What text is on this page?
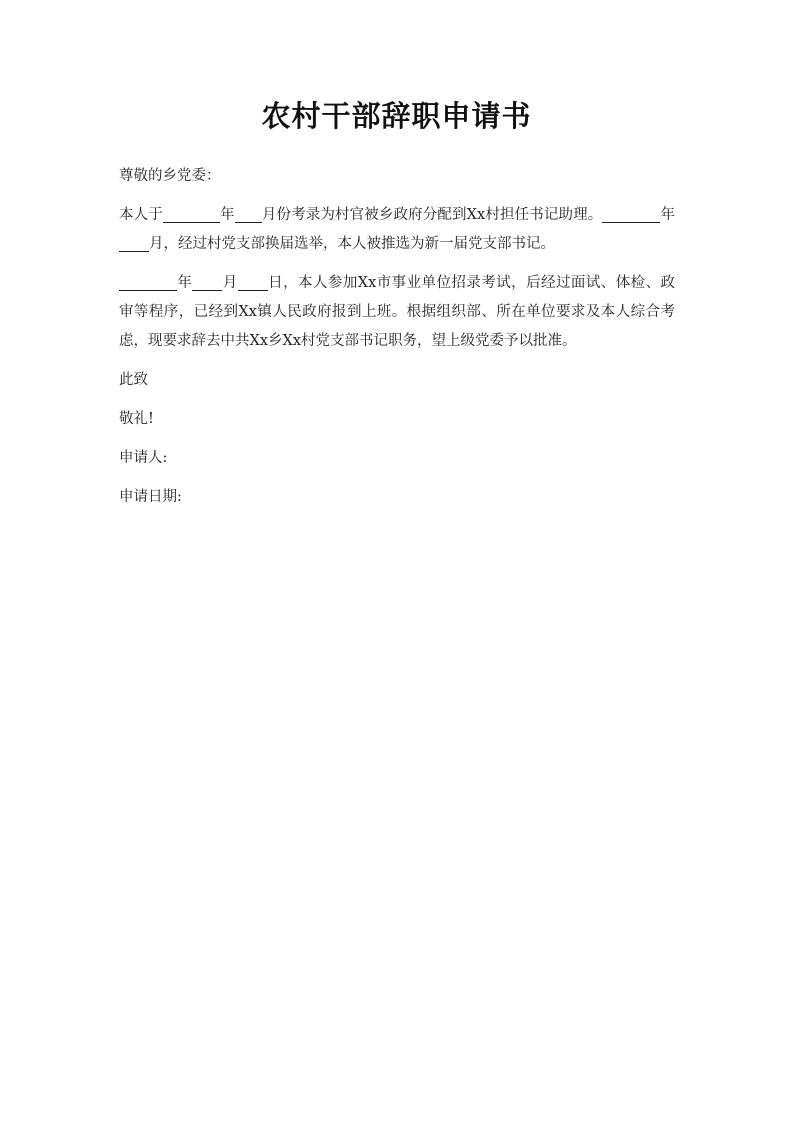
农村干部辞职申请书

尊敬的乡党委：

本人于	年 月份考录为村官被乡政府分配到Xx村担任书记助理。	年月，经过村党支部换届选举，本人被推选为新一届党支部书记。

年 月 日，本人参加Xx市事业单位招录考试，后经过面试、体检、政审等程序，已经到Xx镇人民政府报到上班。根据组织部、所在单位要求及本人综合考虑，现要求辞去中共Xx乡Xx村党支部书记职务，望上级党委予以批准。

此致

敬礼!

申请人:

申请日期:
